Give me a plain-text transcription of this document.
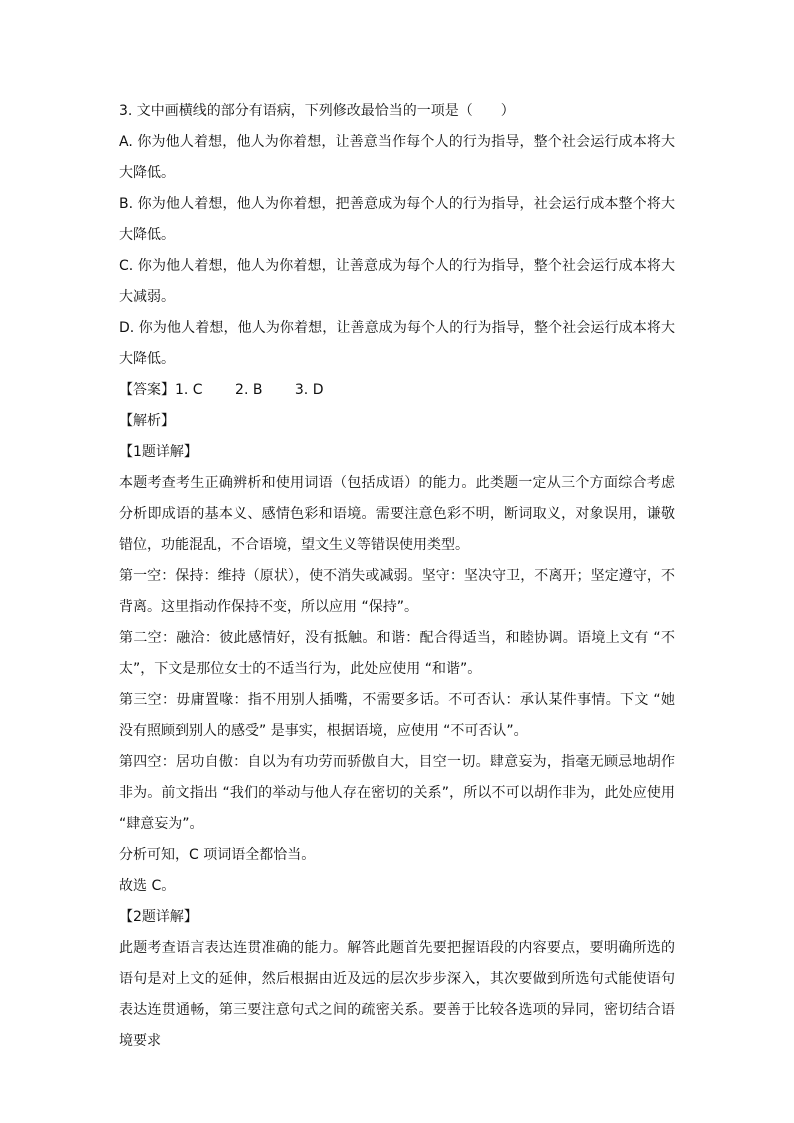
3. 文中画横线的部分有语病，下列修改最恰当的一项是（　　）

A. 你为他人着想，他人为你着想，让善意当作每个人的行为指导，整个社会运行成本将大大降低。

B. 你为他人着想，他人为你着想，把善意成为每个人的行为指导，社会运行成本整个将大大降低。

C. 你为他人着想，他人为你着想，让善意成为每个人的行为指导，整个社会运行成本将大大减弱。

D. 你为他人着想，他人为你着想，让善意成为每个人的行为指导，整个社会运行成本将大大降低。

【答案】1. C　　 2. B　　 3. D

【解析】

【1题详解】

本题考查考生正确辨析和使用词语（包括成语）的能力。此类题一定从三个方面综合考虑分析即成语的基本义、感情色彩和语境。需要注意色彩不明，断词取义，对象误用，谦敬错位，功能混乱，不合语境，望文生义等错误使用类型。

第一空：保持：维持（原状），使不消失或减弱。坚守：坚决守卫，不离开；坚定遵守，不背离。这里指动作保持不变，所以应用 “保持”。

第二空：融洽：彼此感情好，没有抵触。和谐：配合得适当，和睦协调。语境上文有 “不太”，下文是那位女士的不适当行为，此处应使用 “和谐”。

第三空：毋庸置喙：指不用别人插嘴，不需要多话。不可否认：承认某件事情。下文 “她没有照顾到别人的感受” 是事实，根据语境，应使用 “不可否认”。

第四空：居功自傲：自以为有功劳而骄傲自大，目空一切。肆意妄为，指毫无顾忌地胡作非为。前文指出 “我们的举动与他人存在密切的关系”，所以不可以胡作非为，此处应使用 “肆意妄为”。

分析可知，C 项词语全都恰当。

故选 C。

【2题详解】

此题考查语言表达连贯准确的能力。解答此题首先要把握语段的内容要点，要明确所选的语句是对上文的延伸，然后根据由近及远的层次步步深入，其次要做到所选句式能使语句表达连贯通畅，第三要注意句式之间的疏密关系。要善于比较各选项的异同，密切结合语境要求
